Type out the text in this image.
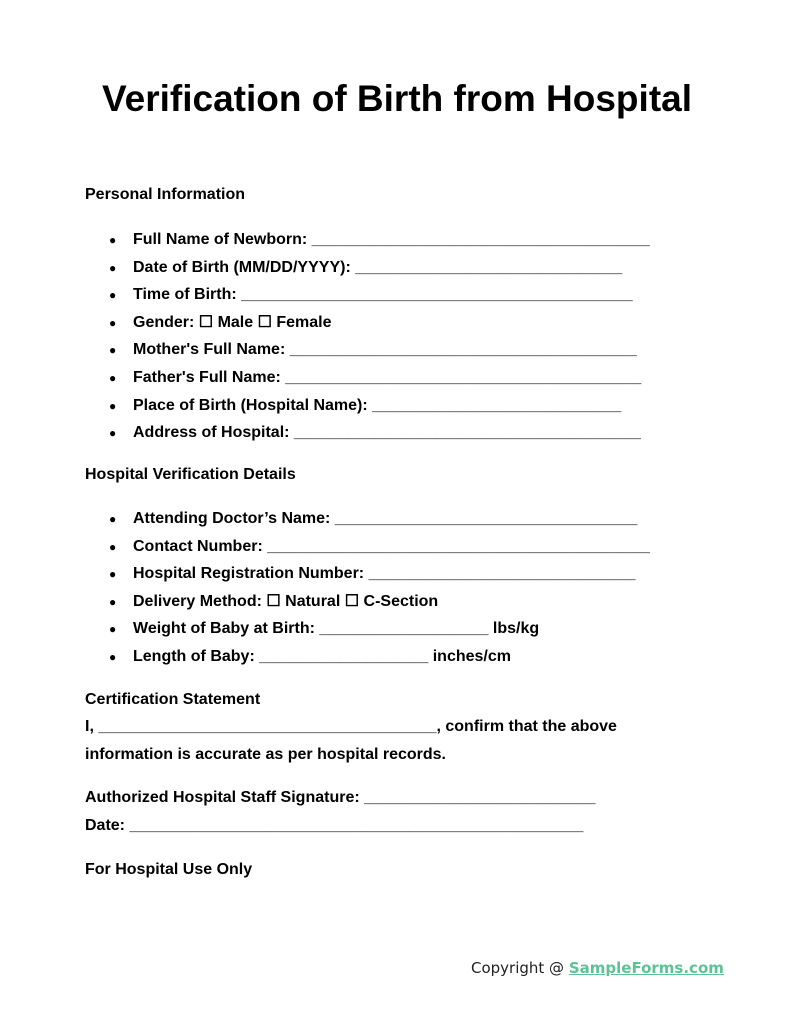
Verification of Birth from Hospital
Personal Information
● Full Name of Newborn: ______________________________________
● Date of Birth (MM/DD/YYYY): ______________________________
● Time of Birth: ____________________________________________
● Gender: ☐ Male ☐ Female
● Mother's Full Name: _______________________________________
● Father's Full Name: ________________________________________
● Place of Birth (Hospital Name): ____________________________
● Address of Hospital: _______________________________________
Hospital Verification Details
● Attending Doctor’s Name: __________________________________
● Contact Number: ___________________________________________
● Hospital Registration Number: ______________________________
● Delivery Method: ☐ Natural ☐ C-Section
● Weight of Baby at Birth: ___________________ lbs/kg
● Length of Baby: ___________________ inches/cm
Certification Statement

I, ______________________________________, confirm that the above

information is accurate as per hospital records.

Authorized Hospital Staff Signature: __________________________

Date: ___________________________________________________

For Hospital Use Only
Copyright @ SampleForms.com
